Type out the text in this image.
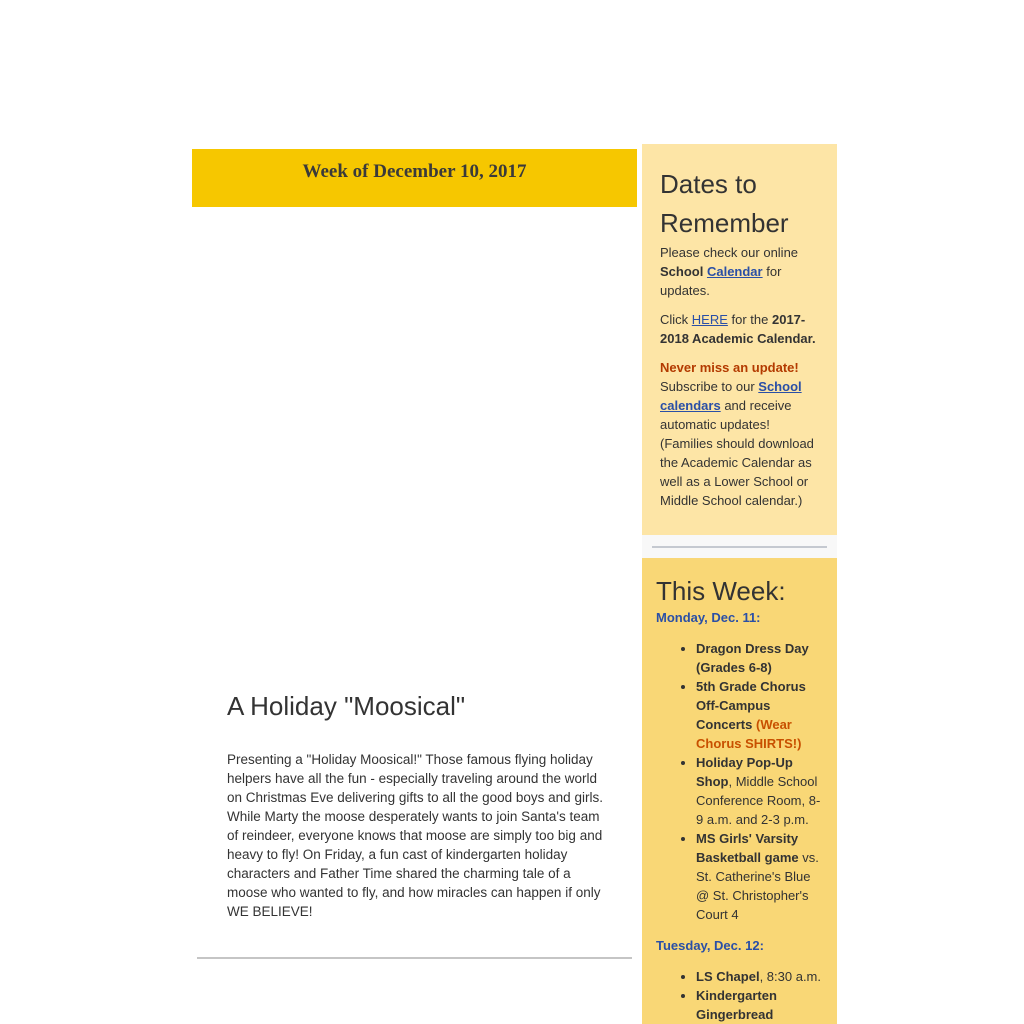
Week of December 10, 2017
A Holiday "Moosical"

Presenting a "Holiday Moosical!" Those famous flying holiday helpers have all the fun - especially traveling around the world on Christmas Eve delivering gifts to all the good boys and girls. While Marty the moose desperately wants to join Santa's team of reindeer, everyone knows that moose are simply too big and heavy to fly! On Friday, a fun cast of kindergarten holiday characters and Father Time shared the charming tale of a moose who wanted to fly, and how miracles can happen if only WE BELIEVE!

Dates to Remember

Please check our online School Calendar for updates.

Click HERE for the 2017-2018 Academic Calendar.

Never miss an update!
Subscribe to our School calendars and receive automatic updates! (Families should download the Academic Calendar as well as a Lower School or Middle School calendar.)

This Week:
Monday, Dec. 11:
• Dragon Dress Day (Grades 6-8)
• 5th Grade Chorus Off-Campus Concerts (Wear Chorus SHIRTS!)
• Holiday Pop-Up Shop, Middle School Conference Room, 8-9 a.m. and 2-3 p.m.
• MS Girls' Varsity Basketball game vs. St. Catherine's Blue @ St. Christopher's Court 4
Tuesday, Dec. 12:
• LS Chapel, 8:30 a.m.
• Kindergarten Gingerbread
